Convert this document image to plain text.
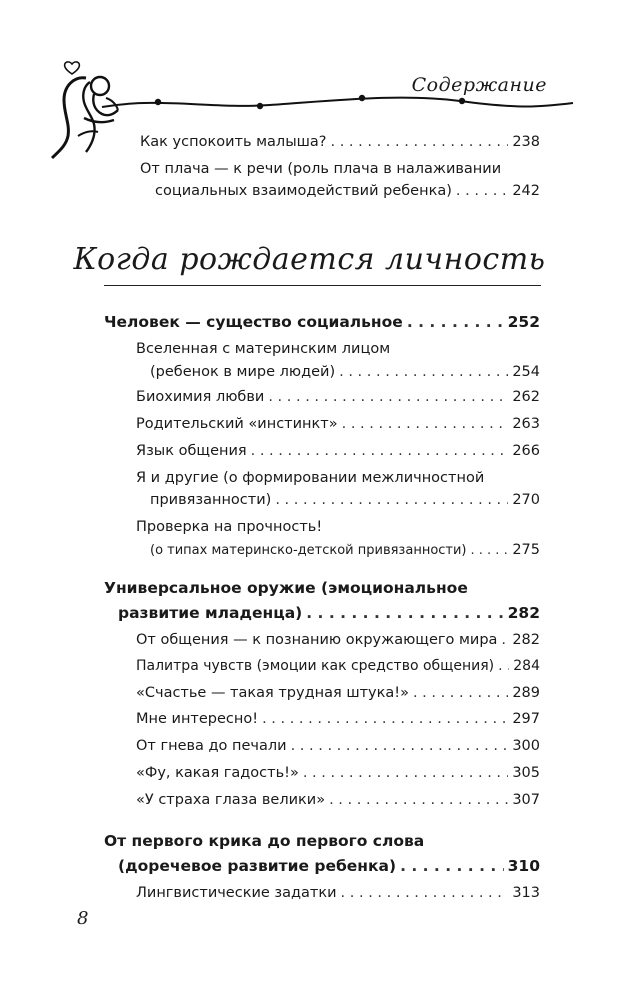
Содержание
Как успокоить малыша? . . .	238
От плача — к речи (роль плача в налаживании
социальных взаимодействий ребенка) . . .	242
Когда рождается личность
Человек — существо социальное . . .	252
Вселенная с материнским лицом
(ребенок в мире людей) . . .	254
Биохимия любви . . .	262
Родительский «инстинкт» . . .	263
Язык общения . . .	266
Я и другие (о формировании межличностной
привязанности) . . .	270
Проверка на прочность!
(о типах материнско-детской привязанности) . . .	275
Универсальное оружие (эмоциональное
развитие младенца) . . .	282
От общения — к познанию окружающего мира . . . 282
Палитра чувств (эмоции как средство общения) . . . 284
«Счастье — такая трудная штука!» . . .	289
Мне интересно! . . .	297
От гнева до печали . . .	300
«Фу, какая гадость!» . . .	305
«У страха глаза велики» . . .	307
От первого крика до первого слова
(доречевое развитие ребенка) . . .	310
Лингвистические задатки . . .	313
8
